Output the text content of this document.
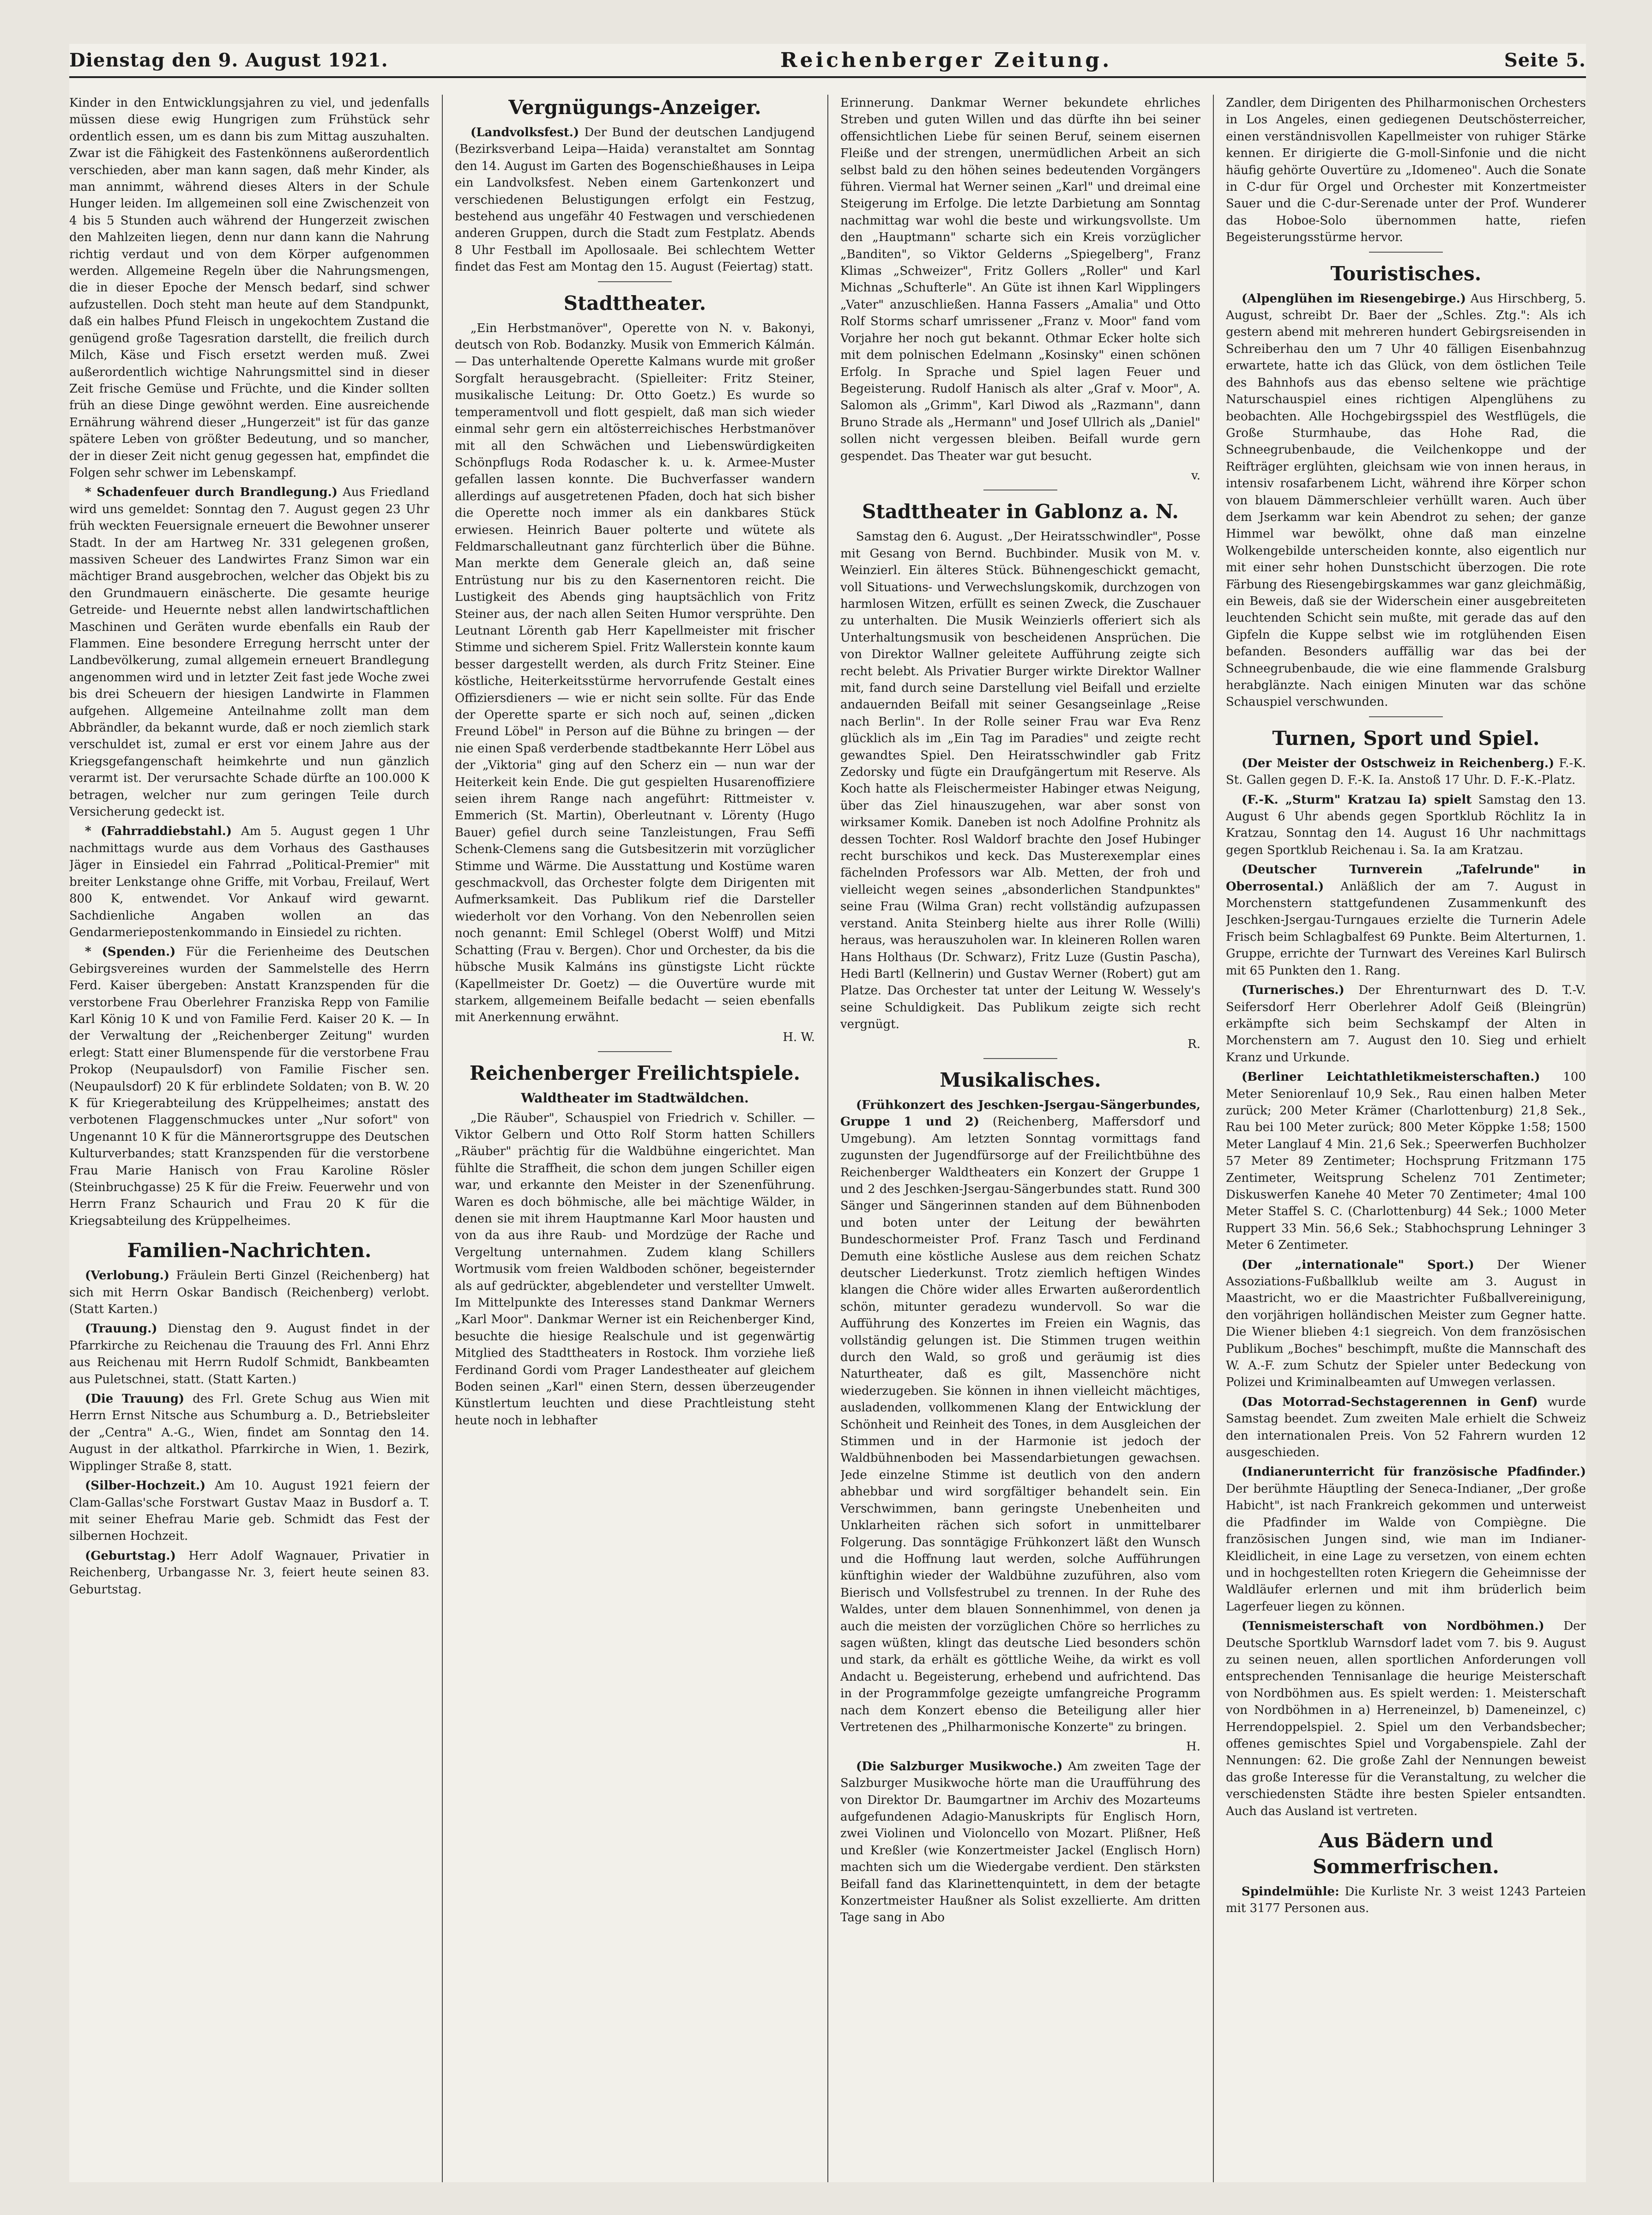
Dienstag den 9. August 1921.	Reichenberger Zeitung.	Seite 5.

Kinder in den Entwicklungsjahren zu viel, und jedenfalls müssen diese ewig Hungrigen zum Frühstück sehr ordentlich essen, um es dann bis zum Mittag auszuhalten. Zwar ist die Fähigkeit des Fastenkönnens außerordentlich verschieden, aber man kann sagen, daß mehr Kinder, als man annimmt, während dieses Alters in der Schule Hunger leiden. Im allgemeinen soll eine Zwischenzeit von 4 bis 5 Stunden auch während der Hungerzeit zwischen den Mahlzeiten liegen, denn nur dann kann die Nahrung richtig verdaut und von dem Körper aufgenommen werden. Allgemeine Regeln über die Nahrungsmengen, die in dieser Epoche der Mensch bedarf, sind schwer aufzustellen. Doch steht man heute auf dem Standpunkt, daß ein halbes Pfund Fleisch in ungekochtem Zustand die genügend große Tagesration darstellt, die freilich durch Milch, Käse und Fisch ersetzt werden muß. Zwei außerordentlich wichtige Nahrungsmittel sind in dieser Zeit frische Gemüse und Früchte, und die Kinder sollten früh an diese Dinge gewöhnt werden. Eine ausreichende Ernährung während dieser „Hungerzeit" ist für das ganze spätere Leben von größter Bedeutung, und so mancher, der in dieser Zeit nicht genug gegessen hat, empfindet die Folgen sehr schwer im Lebenskampf.

* Schadenfeuer durch Brandlegung.) Aus Friedland wird uns gemeldet: Sonntag den 7. August gegen 23 Uhr früh weckten Feuersignale erneuert die Bewohner unserer Stadt. In der am Hartweg Nr. 331 gelegenen großen, massiven Scheuer des Landwirtes Franz Simon war ein mächtiger Brand ausgebrochen, welcher das Objekt bis zu den Grundmauern einäscherte. Die gesamte heurige Getreide- und Heuernte nebst allen landwirtschaftlichen Maschinen und Geräten wurde ebenfalls ein Raub der Flammen. Eine besondere Erregung herrscht unter der Landbevölkerung, zumal allgemein erneuert Brandlegung angenommen wird und in letzter Zeit fast jede Woche zwei bis drei Scheuern der hiesigen Landwirte in Flammen aufgehen. Allgemeine Anteilnahme zollt man dem Abbrändler, da bekannt wurde, daß er noch ziemlich stark verschuldet ist, zumal er erst vor einem Jahre aus der Kriegsgefangenschaft heimkehrte und nun gänzlich verarmt ist. Der verursachte Schade dürfte an 100.000 K betragen, welcher nur zum geringen Teile durch Versicherung gedeckt ist.

* (Fahrraddiebstahl.) Am 5. August gegen 1 Uhr nachmittags wurde aus dem Vorhaus des Gasthauses Jäger in Einsiedel ein Fahrrad „Political-Premier" mit breiter Lenkstange ohne Griffe, mit Vorbau, Freilauf, Wert 800 K, entwendet. Vor Ankauf wird gewarnt. Sachdienliche Angaben wollen an das Gendarmeriepostenkommando in Einsiedel zu richten.

* (Spenden.) Für die Ferienheime des Deutschen Gebirgsvereines wurden der Sammelstelle des Herrn Ferd. Kaiser übergeben: Anstatt Kranzspenden für die verstorbene Frau Oberlehrer Franziska Repp von Familie Karl König 10 K und von Familie Ferd. Kaiser 20 K. — In der Verwaltung der „Reichenberger Zeitung" wurden erlegt: Statt einer Blumenspende für die verstorbene Frau Prokop (Neupaulsdorf) von Familie Fischer sen. (Neupaulsdorf) 20 K für erblindete Soldaten; von B. W. 20 K für Kriegerabteilung des Krüppelheimes; anstatt des verbotenen Flaggenschmuckes unter „Nur sofort" von Ungenannt 10 K für die Männerortsgruppe des Deutschen Kulturverbandes; statt Kranzspenden für die verstorbene Frau Marie Hanisch von Frau Karoline Rösler (Steinbruchgasse) 25 K für die Freiw. Feuerwehr und von Herrn Franz Schaurich und Frau 20 K für die Kriegsabteilung des Krüppelheimes.

Familien-Nachrichten.

(Verlobung.) Fräulein Berti Ginzel (Reichenberg) hat sich mit Herrn Oskar Bandisch (Reichenberg) verlobt. (Statt Karten.)

(Trauung.) Dienstag den 9. August findet in der Pfarrkirche zu Reichenau die Trauung des Frl. Anni Ehrz aus Reichenau mit Herrn Rudolf Schmidt, Bankbeamten aus Puletschnei, statt. (Statt Karten.)

(Die Trauung) des Frl. Grete Schug aus Wien mit Herrn Ernst Nitsche aus Schumburg a. D., Betriebsleiter der „Centra" A.-G., Wien, findet am Sonntag den 14. August in der altkathol. Pfarrkirche in Wien, 1. Bezirk, Wipplinger Straße 8, statt.

(Silber-Hochzeit.) Am 10. August 1921 feiern der Clam-Gallas'sche Forstwart Gustav Maaz in Busdorf a. T. mit seiner Ehefrau Marie geb. Schmidt das Fest der silbernen Hochzeit.

(Geburtstag.) Herr Adolf Wagnauer, Privatier in Reichenberg, Urbangasse Nr. 3, feiert heute seinen 83. Geburtstag.

Vergnügungs-Anzeiger.

(Landvolksfest.) Der Bund der deutschen Landjugend (Bezirksverband Leipa—Haida) veranstaltet am Sonntag den 14. August im Garten des Bogenschießhauses in Leipa ein Landvolksfest. Neben einem Gartenkonzert und verschiedenen Belustigungen erfolgt ein Festzug, bestehend aus ungefähr 40 Festwagen und verschiedenen anderen Gruppen, durch die Stadt zum Festplatz. Abends 8 Uhr Festball im Apollosaale. Bei schlechtem Wetter findet das Fest am Montag den 15. August (Feiertag) statt.

Stadttheater.

„Ein Herbstmanöver", Operette von N. v. Bakonyi, deutsch von Rob. Bodanzky. Musik von Emmerich Kálmán. — Das unterhaltende Operette Kalmans wurde mit großer Sorgfalt herausgebracht. (Spielleiter: Fritz Steiner, musikalische Leitung: Dr. Otto Goetz.) Es wurde so temperamentvoll und flott gespielt, daß man sich wieder einmal sehr gern ein altösterreichisches Herbstmanöver mit all den Schwächen und Liebenswürdigkeiten Schönpflugs Roda Rodascher k. u. k. Armee-Muster gefallen lassen konnte. Die Buchverfasser wandern allerdings auf ausgetretenen Pfaden, doch hat sich bisher die Operette noch immer als ein dankbares Stück erwiesen. Heinrich Bauer polterte und wütete als Feldmarschalleutnant ganz fürchterlich über die Bühne. Man merkte dem Generale gleich an, daß seine Entrüstung nur bis zu den Kasernentoren reicht. Die Lustigkeit des Abends ging hauptsächlich von Fritz Steiner aus, der nach allen Seiten Humor versprühte. Den Leutnant Lörenth gab Herr Kapellmeister mit frischer Stimme und sicherem Spiel. Fritz Wallerstein konnte kaum besser dargestellt werden, als durch Fritz Steiner. Eine köstliche, Heiterkeitsstürme hervorrufende Gestalt eines Offiziersdieners — wie er nicht sein sollte. Für das Ende der Operette sparte er sich noch auf, seinen „dicken Freund Löbel" in Person auf die Bühne zu bringen — der nie einen Spaß verderbende stadtbekannte Herr Löbel aus der „Viktoria" ging auf den Scherz ein — nun war der Heiterkeit kein Ende. Die gut gespielten Husarenoffiziere seien ihrem Range nach angeführt: Rittmeister v. Emmerich (St. Martin), Oberleutnant v. Lörenty (Hugo Bauer) gefiel durch seine Tanzleistungen, Frau Seffi Schenk-Clemens sang die Gutsbesitzerin mit vorzüglicher Stimme und Wärme. Die Ausstattung und Kostüme waren geschmackvoll, das Orchester folgte dem Dirigenten mit Aufmerksamkeit. Das Publikum rief die Darsteller wiederholt vor den Vorhang. Von den Nebenrollen seien noch genannt: Emil Schlegel (Oberst Wolff) und Mitzi Schatting (Frau v. Bergen). Chor und Orchester, da bis die hübsche Musik Kalmáns ins günstigste Licht rückte (Kapellmeister Dr. Goetz) — die Ouvertüre wurde mit starkem, allgemeinem Beifalle bedacht — seien ebenfalls mit Anerkennung erwähnt.

H. W.

Reichenberger Freilichtspiele.
Waldtheater im Stadtwäldchen.

„Die Räuber", Schauspiel von Friedrich v. Schiller. — Viktor Gelbern und Otto Rolf Storm hatten Schillers „Räuber" prächtig für die Waldbühne eingerichtet. Man fühlte die Straffheit, die schon dem jungen Schiller eigen war, und erkannte den Meister in der Szenenführung. Waren es doch böhmische, alle bei mächtige Wälder, in denen sie mit ihrem Hauptmanne Karl Moor hausten und von da aus ihre Raub- und Mordzüge der Rache und Vergeltung unternahmen. Zudem klang Schillers Wortmusik vom freien Waldboden schöner, begeisternder als auf gedrückter, abgeblendeter und verstellter Umwelt. Im Mittelpunkte des Interesses stand Dankmar Werners „Karl Moor". Dankmar Werner ist ein Reichenberger Kind, besuchte die hiesige Realschule und ist gegenwärtig Mitglied des Stadttheaters in Rostock. Ihm vorziehe ließ Ferdinand Gordi vom Prager Landestheater auf gleichem Boden seinen „Karl" einen Stern, dessen überzeugender Künstlertum leuchten und diese Prachtleistung steht heute noch in lebhafter

Erinnerung. Dankmar Werner bekundete ehrliches Streben und guten Willen und das dürfte ihn bei seiner offensichtlichen Liebe für seinen Beruf, seinem eisernen Fleiße und der strengen, unermüdlichen Arbeit an sich selbst bald zu den höhen seines bedeutenden Vorgängers führen. Viermal hat Werner seinen „Karl" und dreimal eine Steigerung im Erfolge. Die letzte Darbietung am Sonntag nachmittag war wohl die beste und wirkungsvollste. Um den „Hauptmann" scharte sich ein Kreis vorzüglicher „Banditen", so Viktor Gelderns „Spiegelberg", Franz Klimas „Schweizer", Fritz Gollers „Roller" und Karl Michnas „Schufterle". An Güte ist ihnen Karl Wipplingers „Vater" anzuschließen. Hanna Fassers „Amalia" und Otto Rolf Storms scharf umrissener „Franz v. Moor" fand vom Vorjahre her noch gut bekannt. Othmar Ecker holte sich mit dem polnischen Edelmann „Kosinsky" einen schönen Erfolg. In Sprache und Spiel lagen Feuer und Begeisterung. Rudolf Hanisch als alter „Graf v. Moor", A. Salomon als „Grimm", Karl Diwod als „Razmann", dann Bruno Strade als „Hermann" und Josef Ullrich als „Daniel" sollen nicht vergessen bleiben. Beifall wurde gern gespendet. Das Theater war gut besucht.

v.

Stadttheater in Gablonz a. N.

Samstag den 6. August. „Der Heiratsschwindler", Posse mit Gesang von Bernd. Buchbinder. Musik von M. v. Weinzierl. Ein älteres Stück. Bühnengeschickt gemacht, voll Situations- und Verwechslungskomik, durchzogen von harmlosen Witzen, erfüllt es seinen Zweck, die Zuschauer zu unterhalten. Die Musik Weinzierls offeriert sich als Unterhaltungsmusik von bescheidenen Ansprüchen. Die von Direktor Wallner geleitete Aufführung zeigte sich recht belebt. Als Privatier Burger wirkte Direktor Wallner mit, fand durch seine Darstellung viel Beifall und erzielte andauernden Beifall mit seiner Gesangseinlage „Reise nach Berlin". In der Rolle seiner Frau war Eva Renz glücklich als im „Ein Tag im Paradies" und zeigte recht gewandtes Spiel. Den Heiratsschwindler gab Fritz Zedorsky und fügte ein Draufgängertum mit Reserve. Als Koch hatte als Fleischermeister Habinger etwas Neigung, über das Ziel hinauszugehen, war aber sonst von wirksamer Komik. Daneben ist noch Adolfine Prohnitz als dessen Tochter. Rosl Waldorf brachte den Josef Hubinger recht burschikos und keck. Das Musterexemplar eines fächelnden Professors war Alb. Metten, der froh und vielleicht wegen seines „absonderlichen Standpunktes" seine Frau (Wilma Gran) recht vollständig aufzupassen verstand. Anita Steinberg hielte aus ihrer Rolle (Willi) heraus, was herauszuholen war. In kleineren Rollen waren Hans Holthaus (Dr. Schwarz), Fritz Luze (Gustin Pascha), Hedi Bartl (Kellnerin) und Gustav Werner (Robert) gut am Platze. Das Orchester tat unter der Leitung W. Wessely's seine Schuldigkeit. Das Publikum zeigte sich recht vergnügt.

R.

Musikalisches.

(Frühkonzert des Jeschken-Jsergau-Sängerbundes, Gruppe 1 und 2) (Reichenberg, Maffersdorf und Umgebung). Am letzten Sonntag vormittags fand zugunsten der Jugendfürsorge auf der Freilichtbühne des Reichenberger Waldtheaters ein Konzert der Gruppe 1 und 2 des Jeschken-Jsergau-Sängerbundes statt. Rund 300 Sänger und Sängerinnen standen auf dem Bühnenboden und boten unter der Leitung der bewährten Bundeschormeister Prof. Franz Tasch und Ferdinand Demuth eine köstliche Auslese aus dem reichen Schatz deutscher Liederkunst. Trotz ziemlich heftigen Windes klangen die Chöre wider alles Erwarten außerordentlich schön, mitunter geradezu wundervoll. So war die Aufführung des Konzertes im Freien ein Wagnis, das vollständig gelungen ist. Die Stimmen trugen weithin durch den Wald, so groß und geräumig ist dies Naturtheater, daß es gilt, Massenchöre nicht wiederzugeben. Sie können in ihnen vielleicht mächtiges, ausladenden, vollkommenen Klang der Entwicklung der Schönheit und Reinheit des Tones, in dem Ausgleichen der Stimmen und in der Harmonie ist jedoch der Waldbühnenboden bei Massendarbietungen gewachsen. Jede einzelne Stimme ist deutlich von den andern abhebbar und wird sorgfältiger behandelt sein. Ein Verschwimmen, bann geringste Unebenheiten und Unklarheiten rächen sich sofort in unmittelbarer Folgerung. Das sonntägige Frühkonzert läßt den Wunsch und die Hoffnung laut werden, solche Aufführungen künftighin wieder der Waldbühne zuzuführen, also vom Bierisch und Vollsfestrubel zu trennen. In der Ruhe des Waldes, unter dem blauen Sonnenhimmel, von denen ja auch die meisten der vorzüglichen Chöre so herrliches zu sagen wüßten, klingt das deutsche Lied besonders schön und stark, da erhält es göttliche Weihe, da wirkt es voll Andacht u. Begeisterung, erhebend und aufrichtend. Das in der Programmfolge gezeigte umfangreiche Programm nach dem Konzert ebenso die Beteiligung aller hier Vertretenen des „Philharmonische Konzerte" zu bringen.

H.

(Die Salzburger Musikwoche.) Am zweiten Tage der Salzburger Musikwoche hörte man die Uraufführung des von Direktor Dr. Baumgartner im Archiv des Mozarteums aufgefundenen Adagio-Manuskripts für Englisch Horn, zwei Violinen und Violoncello von Mozart. Plißner, Heß und Kreßler (wie Konzertmeister Jackel (Englisch Horn) machten sich um die Wiedergabe verdient. Den stärksten Beifall fand das Klarinettenquintett, in dem der betagte Konzertmeister Haußner als Solist exzellierte. Am dritten Tage sang in Abo

Zandler, dem Dirigenten des Philharmonischen Orchesters in Los Angeles, einen gediegenen Deutschösterreicher, einen verständnisvollen Kapellmeister von ruhiger Stärke kennen. Er dirigierte die G-moll-Sinfonie und die nicht häufig gehörte Ouvertüre zu „Idomeneo". Auch die Sonate in C-dur für Orgel und Orchester mit Konzertmeister Sauer und die C-dur-Serenade unter der Prof. Wunderer das Hoboe-Solo übernommen hatte, riefen Begeisterungsstürme hervor.

Touristisches.

(Alpenglühen im Riesengebirge.) Aus Hirschberg, 5. August, schreibt Dr. Baer der „Schles. Ztg.": Als ich gestern abend mit mehreren hundert Gebirgsreisenden in Schreiberhau den um 7 Uhr 40 fälligen Eisenbahnzug erwartete, hatte ich das Glück, von dem östlichen Teile des Bahnhofs aus das ebenso seltene wie prächtige Naturschauspiel eines richtigen Alpenglühens zu beobachten. Alle Hochgebirgsspiel des Westflügels, die Große Sturmhaube, das Hohe Rad, die Schneegrubenbaude, die Veilchenkoppe und der Reifträger erglühten, gleichsam wie von innen heraus, in intensiv rosafarbenem Licht, während ihre Körper schon von blauem Dämmerschleier verhüllt waren. Auch über dem Jserkamm war kein Abendrot zu sehen; der ganze Himmel war bewölkt, ohne daß man einzelne Wolkengebilde unterscheiden konnte, also eigentlich nur mit einer sehr hohen Dunstschicht überzogen. Die rote Färbung des Riesengebirgskammes war ganz gleichmäßig, ein Beweis, daß sie der Widerschein einer ausgebreiteten leuchtenden Schicht sein mußte, mit gerade das auf den Gipfeln die Kuppe selbst wie im rotglühenden Eisen befanden. Besonders auffällig war das bei der Schneegrubenbaude, die wie eine flammende Gralsburg herabglänzte. Nach einigen Minuten war das schöne Schauspiel verschwunden.

Turnen, Sport und Spiel.

(Der Meister der Ostschweiz in Reichenberg.) F.-K. St. Gallen gegen D. F.-K. Ia. Anstoß 17 Uhr. D. F.-K.-Platz.

(F.-K. „Sturm" Kratzau Ia) spielt Samstag den 13. August 6 Uhr abends gegen Sportklub Röchlitz Ia in Kratzau, Sonntag den 14. August 16 Uhr nachmittags gegen Sportklub Reichenau i. Sa. Ia am Kratzau.

(Deutscher Turnverein „Tafelrunde" in Oberrosental.) Anläßlich der am 7. August in Morchenstern stattgefundenen Zusammenkunft des Jeschken-Jsergau-Turngaues erzielte die Turnerin Adele Frisch beim Schlagbalfest 69 Punkte. Beim Alterturnen, 1. Gruppe, errichte der Turnwart des Vereines Karl Bulirsch mit 65 Punkten den 1. Rang.

(Turnerisches.) Der Ehrenturnwart des D. T.-V. Seifersdorf Herr Oberlehrer Adolf Geiß (Bleingrün) erkämpfte sich beim Sechskampf der Alten in Morchenstern am 7. August den 10. Sieg und erhielt Kranz und Urkunde.

(Berliner Leichtathletikmeisterschaften.) 100 Meter Seniorenlauf 10,9 Sek., Rau einen halben Meter zurück; 200 Meter Krämer (Charlottenburg) 21,8 Sek., Rau bei 100 Meter zurück; 800 Meter Köppke 1:58; 1500 Meter Langlauf 4 Min. 21,6 Sek.; Speerwerfen Buchholzer 57 Meter 89 Zentimeter; Hochsprung Fritzmann 175 Zentimeter, Weitsprung Schelenz 701 Zentimeter; Diskuswerfen Kanehe 40 Meter 70 Zentimeter; 4mal 100 Meter Staffel S. C. (Charlottenburg) 44 Sek.; 1000 Meter Ruppert 33 Min. 56,6 Sek.; Stabhochsprung Lehninger 3 Meter 6 Zentimeter.

(Der „internationale" Sport.) Der Wiener Assoziations-Fußballklub weilte am 3. August in Maastricht, wo er die Maastrichter Fußballvereinigung, den vorjährigen holländischen Meister zum Gegner hatte. Die Wiener blieben 4:1 siegreich. Von dem französischen Publikum „Boches" beschimpft, mußte die Mannschaft des W. A.-F. zum Schutz der Spieler unter Bedeckung von Polizei und Kriminalbeamten auf Umwegen verlassen.

(Das Motorrad-Sechstagerennen in Genf) wurde Samstag beendet. Zum zweiten Male erhielt die Schweiz den internationalen Preis. Von 52 Fahrern wurden 12 ausgeschieden.

(Indianerunterricht für französische Pfadfinder.) Der berühmte Häuptling der Seneca-Indianer, „Der große Habicht", ist nach Frankreich gekommen und unterweist die Pfadfinder im Walde von Compiègne. Die französischen Jungen sind, wie man im Indianer-Kleidlicheit, in eine Lage zu versetzen, von einem echten und in hochgestellten roten Kriegern die Geheimnisse der Waldläufer erlernen und mit ihm brüderlich beim Lagerfeuer liegen zu können.

(Tennismeisterschaft von Nordböhmen.) Der Deutsche Sportklub Warnsdorf ladet vom 7. bis 9. August zu seinen neuen, allen sportlichen Anforderungen voll entsprechenden Tennisanlage die heurige Meisterschaft von Nordböhmen aus. Es spielt werden: 1. Meisterschaft von Nordböhmen in a) Herreneinzel, b) Dameneinzel, c) Herrendoppelspiel. 2. Spiel um den Verbandsbecher; offenes gemischtes Spiel und Vorgabenspiele. Zahl der Nennungen: 62. Die große Zahl der Nennungen beweist das große Interesse für die Veranstaltung, zu welcher die verschiedensten Städte ihre besten Spieler entsandten. Auch das Ausland ist vertreten.

Aus Bädern und Sommerfrischen.

Spindelmühle: Die Kurliste Nr. 3 weist 1243 Parteien mit 3177 Personen aus.
